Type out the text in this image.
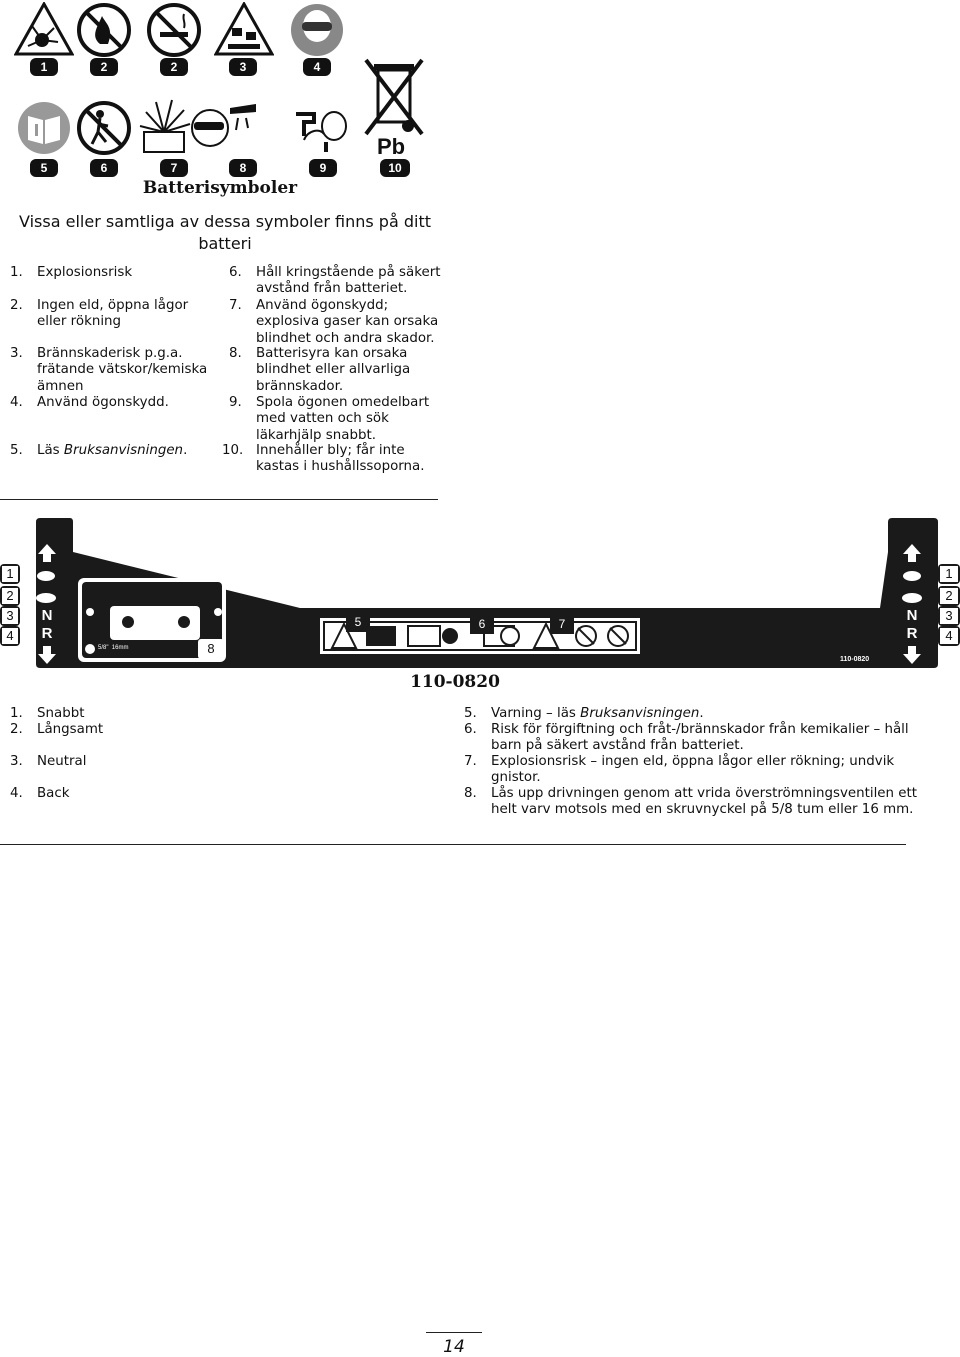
1	2	2	3	4
Pb
5	6	7	8	9	10
Batterisymboler
Vissa eller samtliga av dessa symboler finns på ditt batteri
1. Explosionsrisk
2. Ingen eld, öppna lågor
eller rökning
3. Brännskaderisk p.g.a.
frätande vätskor/kemiska
ämnen
4. Använd ögonskydd.
5. Läs Bruksanvisningen.
6. Håll kringstående på säkert
avstånd från batteriet.
7. Använd ögonskydd;
explosiva gaser kan orsaka
blindhet och andra skador.
8. Batterisyra kan orsaka
blindhet eller allvarliga
brännskador.
9. Spola ögonen omedelbart
med vatten och sök
läkarhjälp snabbt.
10. Innehåller bly; får inte
kastas i hushållssoporna.
1
2
3
4
1
2
3
4
N
R
N
R
5/8"  16mm
110-0820
5	6	7
8
110-0820
1. Snabbt
2. Långsamt
3. Neutral
4. Back
5. Varning – läs Bruksanvisningen.
6. Risk för förgiftning och fråt-/brännskador från kemikalier – håll
barn på säkert avstånd från batteriet.
7. Explosionsrisk – ingen eld, öppna lågor eller rökning; undvik
gnistor.
8. Lås upp drivningen genom att vrida överströmningsventilen ett
helt varv motsols med en skruvnyckel på 5/8 tum eller 16 mm.
14
